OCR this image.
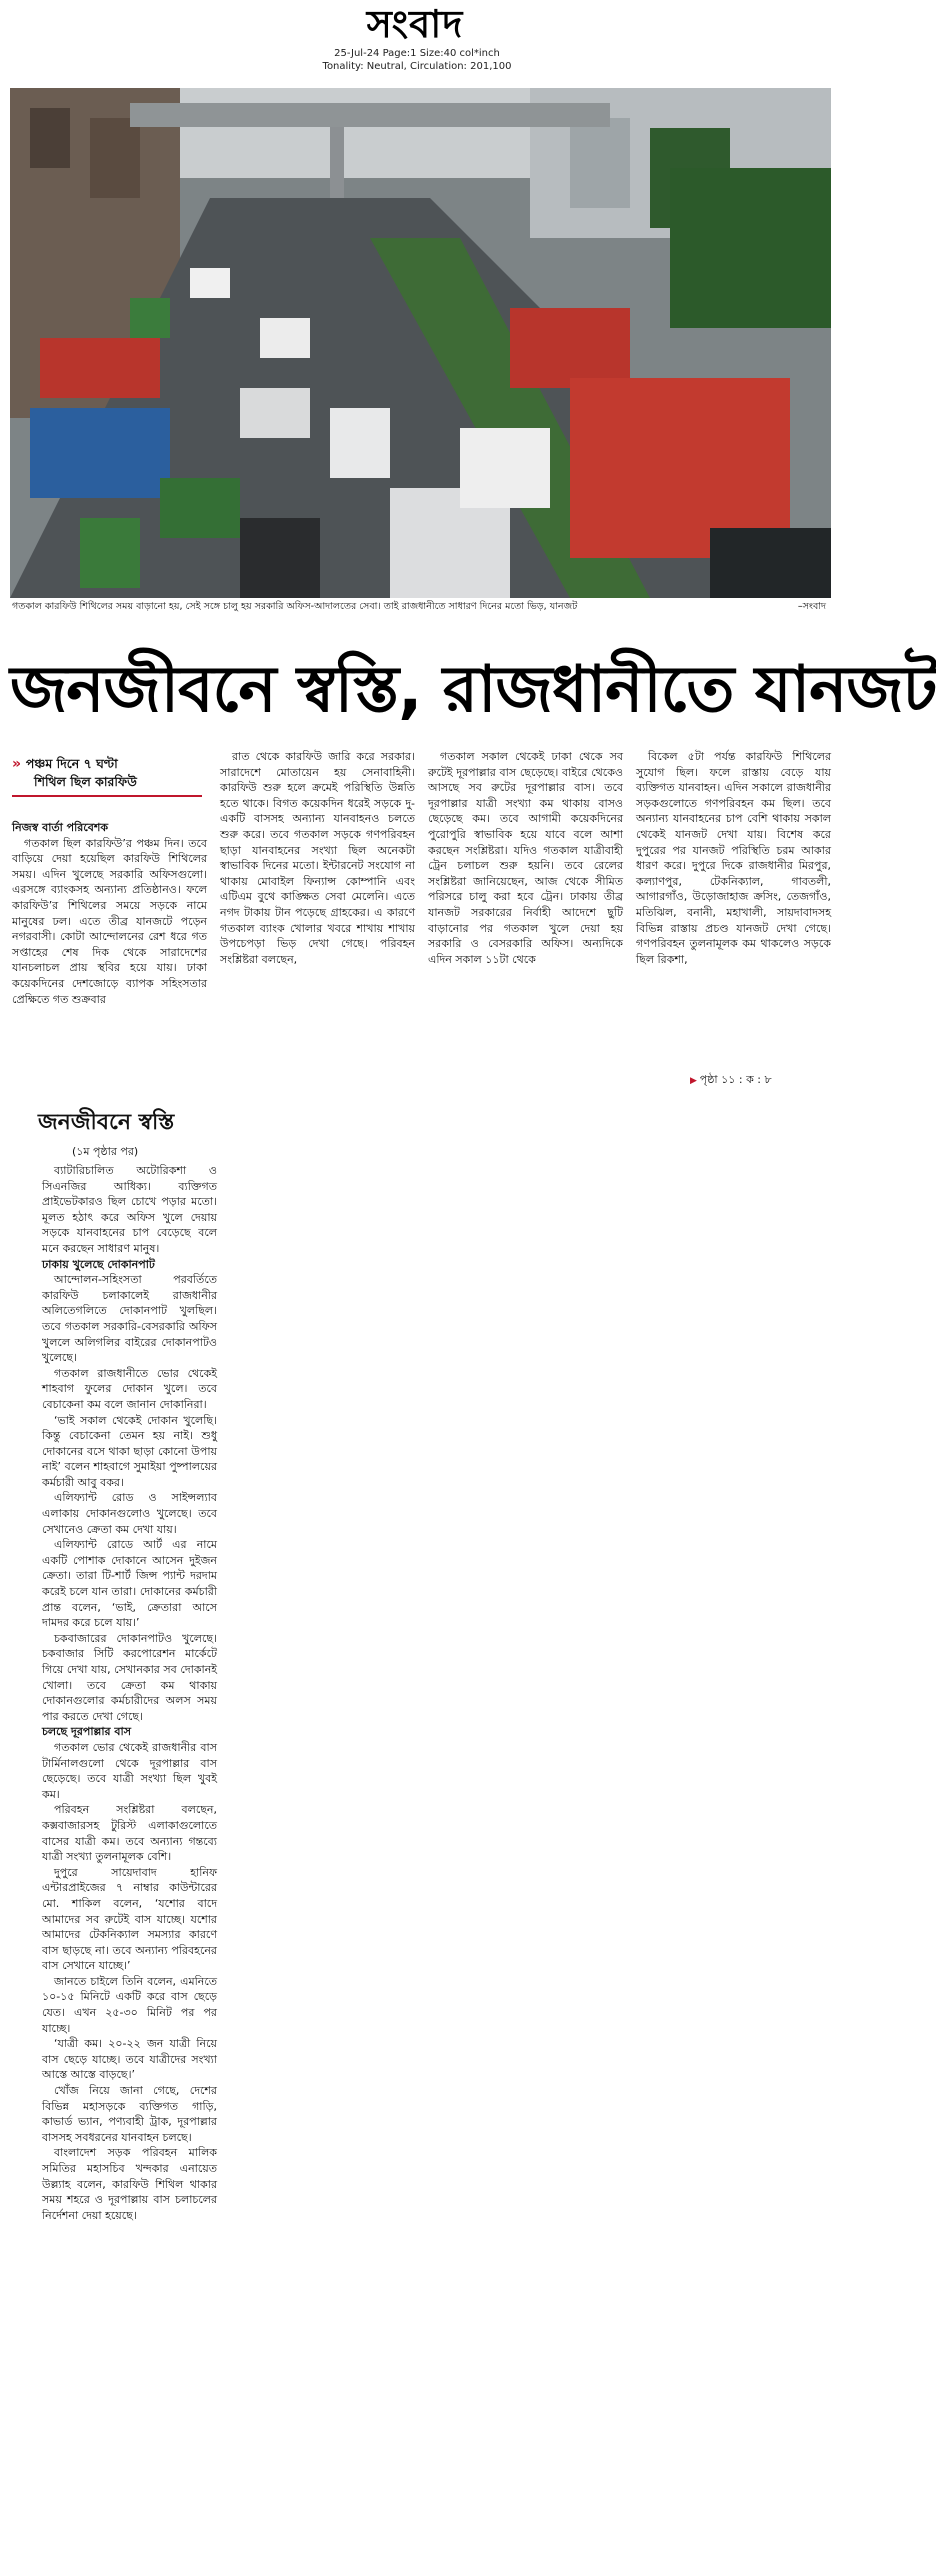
সংবাদ
25-Jul-24 Page:1 Size:40 col*inch
Tonality: Neutral, Circulation: 201,100
গতকাল কারফিউ শিথিলের সময় বাড়ানো হয়, সেই সঙ্গে চালু হয় সরকারি অফিস-আদালতের সেবা। তাই রাজধানীতে সাধারণ দিনের মতো ভিড়, যানজট	–সংবাদ
জনজীবনে স্বস্তি, রাজধানীতে যানজট
» পঞ্চম দিনে ৭ ঘণ্টা
শিথিল ছিল কারফিউ

নিজস্ব বার্তা পরিবেশক

গতকাল ছিল কারফিউ’র পঞ্চম দিন। তবে বাড়িয়ে দেয়া হয়েছিল কারফিউ শিথিলের সময়। এদিন খুলেছে সরকারি অফিসগুলো। এরসঙ্গে ব্যাংকসহ অন্যান্য প্রতিষ্ঠানও। ফলে কারফিউ’র শিথিলের সময়ে সড়কে নামে মানুষের ঢল। এতে তীব্র যানজটে পড়েন নগরবাসী। কোটা আন্দোলনের রেশ ধরে গত সপ্তাহের শেষ দিক থেকে সারাদেশের যানচলাচল প্রায় স্থবির হয়ে যায়। ঢাকা কয়েকদিনের দেশজোড়ে ব্যাপক সহিংসতার প্রেক্ষিতে গত শুক্রবার

রাত থেকে কারফিউ জারি করে সরকার। সারাদেশে মোতায়েন হয় সেনাবাহিনী। কারফিউ শুরু হলে ক্রমেই পরিস্থিতি উন্নতি হতে থাকে। বিগত কয়েকদিন ধরেই সড়কে দু-একটি বাসসহ অন্যান্য যানবাহনও চলতে শুরু করে। তবে গতকাল সড়কে গণপরিবহন ছাড়া যানবাহনের সংখ্যা ছিল অনেকটা স্বাভাবিক দিনের মতো। ইন্টারনেট সংযোগ না থাকায় মোবাইল ফিন্যান্স কোম্পানি এবং এটিএম বুথে কাঙ্ক্ষিত সেবা মেলেনি। এতে নগদ টাকায় টান পড়েছে গ্রাহকের। এ কারণে গতকাল ব্যাংক খোলার খবরে শাখায় শাখায় উপচেপড়া ভিড় দেখা গেছে। পরিবহন সংশ্লিষ্টরা বলছেন,

গতকাল সকাল থেকেই ঢাকা থেকে সব রুটেই দূরপাল্লার বাস ছেড়েছে। বাইরে থেকেও আসছে সব রুটের দূরপাল্লার বাস। তবে দূরপাল্লার যাত্রী সংখ্যা কম থাকায় বাসও ছেড়েছে কম। তবে আগামী কয়েকদিনের পুরোপুরি স্বাভাবিক হয়ে যাবে বলে আশা করছেন সংশ্লিষ্টরা। যদিও গতকাল যাত্রীবাহী ট্রেন চলাচল শুরু হয়নি। তবে রেলের সংশ্লিষ্টরা জানিয়েছেন, আজ থেকে সীমিত পরিসরে চালু করা হবে ট্রেন। ঢাকায় তীব্র যানজট সরকারের নির্বাহী আদেশে ছুটি বাড়ানোর পর গতকাল খুলে দেয়া হয় সরকারি ও বেসরকারি অফিস। অন্যদিকে এদিন সকাল ১১টা থেকে

বিকেল ৫টা পর্যন্ত কারফিউ শিথিলের সুযোগ ছিল। ফলে রাস্তায় বেড়ে যায় ব্যক্তিগত যানবাহন। এদিন সকালে রাজধানীর সড়কগুলোতে গণপরিবহন কম ছিল। তবে অন্যান্য যানবাহনের চাপ বেশি থাকায় সকাল থেকেই যানজট দেখা যায়। বিশেষ করে দুপুরের পর যানজট পরিস্থিতি চরম আকার ধারণ করে। দুপুরে দিকে রাজধানীর মিরপুর, কল্যাণপুর, টেকনিক্যাল, গাবতলী, আগারগাঁও, উড়োজাহাজ ক্রসিং, তেজগাঁও, মতিঝিল, বনানী, মহাখালী, সায়দাবাদসহ বিভিন্ন রাস্তায় প্রচণ্ড যানজট দেখা গেছে। গণপরিবহন তুলনামূলক কম থাকলেও সড়কে ছিল রিকশা,

▶ পৃষ্ঠা ১১ : ক : ৮
জনজীবনে স্বস্তি
(১ম পৃষ্ঠার পর)

ব্যাটারিচালিত অটোরিকশা ও সিএনজির আধিক্য। ব্যক্তিগত প্রাইভেটকারও ছিল চোখে পড়ার মতো। মূলত হঠাৎ করে অফিস খুলে দেয়ায় সড়কে যানবাহনের চাপ বেড়েছে বলে মনে করছেন সাধারণ মানুষ।

ঢাকায় খুলেছে দোকানপাট

আন্দোলন-সহিংসতা পরবর্তিতে কারফিউ চলাকালেই রাজধানীর অলিতেগলিতে দোকানপাট খুলছিল। তবে গতকাল সরকারি-বেসরকারি অফিস খুললে অলিগলির বাইরের দোকানপাটও খুলেছে।

গতকাল রাজধানীতে ভোর থেকেই শাহবাগ ফুলের দোকান খুলে। তবে বেচাকেনা কম বলে জানান দোকানিরা।

‘ভাই সকাল থেকেই দোকান খুলেছি। কিন্তু বেচাকেনা তেমন হয় নাই। শুধু দোকানের বসে থাকা ছাড়া কোনো উপায় নাই’ বলেন শাহবাগে সুমাইয়া পুষ্পালয়ের কর্মচারী আবু বকর।

এলিফ্যান্ট রোড ও সাইন্সল্যাব এলাকায় দোকানগুলোও খুলেছে। তবে সেখানেও ক্রেতা কম দেখা যায়।

এলিফ্যান্ট রোডে আর্ট এর নামে একটি পোশাক দোকানে আসেন দুইজন ক্রেতা। তারা টি-শার্ট জিন্স প্যান্ট দরদাম করেই চলে যান তারা। দোকানের কর্মচারী প্রান্ত বলেন, ‘ভাই, ক্রেতারা আসে দামদর করে চলে যায়।’

চকবাজারের দোকানপাটও খুলেছে। চকবাজার সিটি করপোরেশন মার্কেটে গিয়ে দেখা যায়, সেখানকার সব দোকানই খোলা। তবে ক্রেতা কম থাকায় দোকানগুলোর কর্মচারীদের অলস সময় পার করতে দেখা গেছে।

চলছে দূরপাল্লার বাস

গতকাল ভোর থেকেই রাজধানীর বাস টার্মিনালগুলো থেকে দূরপাল্লার বাস ছেড়েছে। তবে যাত্রী সংখ্যা ছিল খুবই কম।

পরিবহন সংশ্লিষ্টরা বলছেন, কক্সবাজারসহ টুরিস্ট এলাকাগুলোতে বাসের যাত্রী কম। তবে অন্যান্য গন্তব্যে যাত্রী সংখ্যা তুলনামূলক বেশি।

দুপুরে সায়েদাবাদ হানিফ এন্টারপ্রাইজের ৭ নাম্বার কাউন্টারের মো. শাকিল বলেন, ‘যশোর বাদে আমাদের সব রুটেই বাস যাচ্ছে। যশোর আমাদের টেকনিক্যাল সমস্যার কারণে বাস ছাড়ছে না। তবে অন্যান্য পরিবহনের বাস সেখানে যাচ্ছে।’

জানতে চাইলে তিনি বলেন, এমনিতে ১০-১৫ মিনিটে একটি করে বাস ছেড়ে যেত। এখন ২৫-৩০ মিনিট পর পর যাচ্ছে।

‘যাত্রী কম। ২০-২২ জন যাত্রী নিয়ে বাস ছেড়ে যাচ্ছে। তবে যাত্রীদের সংখ্যা আস্তে আস্তে বাড়ছে।’

খোঁজ নিয়ে জানা গেছে, দেশের বিভিন্ন মহাসড়কে ব্যক্তিগত গাড়ি, কাভার্ড ভ্যান, পণ্যবাহী ট্রাক, দূরপাল্লার বাসসহ সবধরনের যানবাহন চলছে।

বাংলাদেশ সড়ক পরিবহন মালিক সমিতির মহাসচিব খন্দকার এনায়েত উল্ল্যাহ বলেন, কারফিউ শিথিল থাকার সময় শহরে ও দূরপাল্লায় বাস চলাচলের নির্দেশনা দেয়া হয়েছে।
